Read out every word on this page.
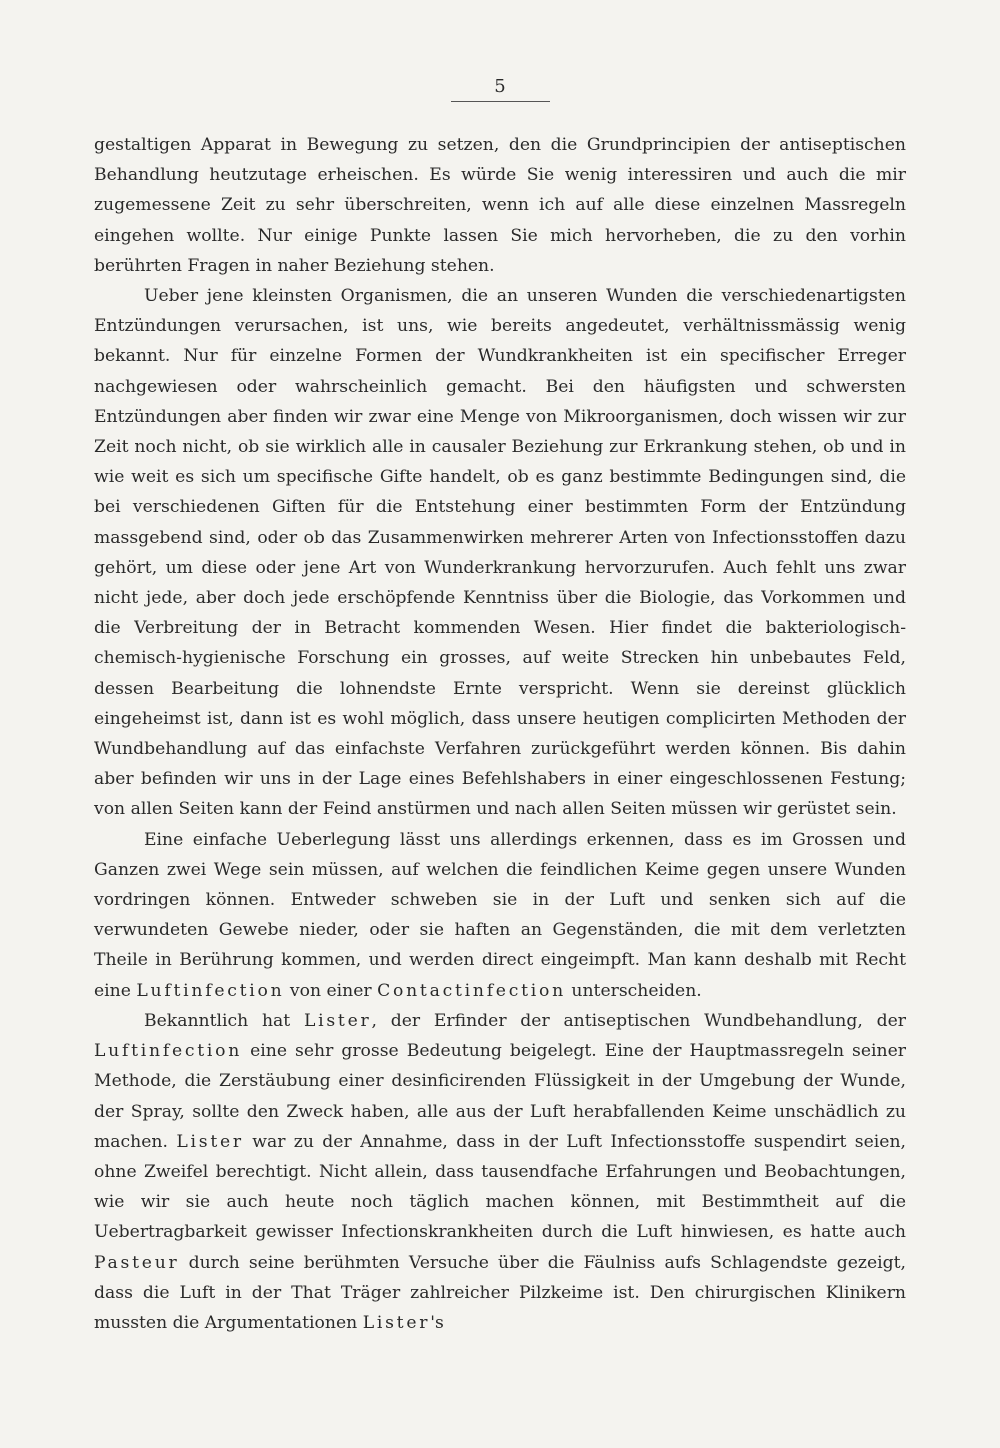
5

gestaltigen Apparat in Bewegung zu setzen, den die Grundprincipien der antiseptischen Behandlung heutzutage erheischen. Es würde Sie wenig interessiren und auch die mir zugemessene Zeit zu sehr überschreiten, wenn ich auf alle diese einzelnen Massregeln eingehen wollte. Nur einige Punkte lassen Sie mich hervorheben, die zu den vorhin berührten Fragen in naher Beziehung stehen.

Ueber jene kleinsten Organismen, die an unseren Wunden die verschiedenartigsten Entzündungen verursachen, ist uns, wie bereits angedeutet, verhältnissmässig wenig bekannt. Nur für einzelne Formen der Wundkrankheiten ist ein specifischer Erreger nachgewiesen oder wahrscheinlich gemacht. Bei den häufigsten und schwersten Entzündungen aber finden wir zwar eine Menge von Mikroorganismen, doch wissen wir zur Zeit noch nicht, ob sie wirklich alle in causaler Beziehung zur Erkrankung stehen, ob und in wie weit es sich um specifische Gifte handelt, ob es ganz bestimmte Bedingungen sind, die bei verschiedenen Giften für die Entstehung einer bestimmten Form der Entzündung massgebend sind, oder ob das Zusammenwirken mehrerer Arten von Infectionsstoffen dazu gehört, um diese oder jene Art von Wunderkrankung hervorzurufen. Auch fehlt uns zwar nicht jede, aber doch jede erschöpfende Kenntniss über die Biologie, das Vorkommen und die Verbreitung der in Betracht kommenden Wesen. Hier findet die bakteriologisch-chemisch-hygienische Forschung ein grosses, auf weite Strecken hin unbebautes Feld, dessen Bearbeitung die lohnendste Ernte verspricht. Wenn sie dereinst glücklich eingeheimst ist, dann ist es wohl möglich, dass unsere heutigen complicirten Methoden der Wundbehandlung auf das einfachste Verfahren zurückgeführt werden können. Bis dahin aber befinden wir uns in der Lage eines Befehlshabers in einer eingeschlossenen Festung; von allen Seiten kann der Feind anstürmen und nach allen Seiten müssen wir gerüstet sein.

Eine einfache Ueberlegung lässt uns allerdings erkennen, dass es im Grossen und Ganzen zwei Wege sein müssen, auf welchen die feindlichen Keime gegen unsere Wunden vordringen können. Entweder schweben sie in der Luft und senken sich auf die verwundeten Gewebe nieder, oder sie haften an Gegenständen, die mit dem verletzten Theile in Berührung kommen, und werden direct eingeimpft. Man kann deshalb mit Recht eine Luftinfection von einer Contactinfection unterscheiden.

Bekanntlich hat Lister, der Erfinder der antiseptischen Wundbehandlung, der Luftinfection eine sehr grosse Bedeutung beigelegt. Eine der Hauptmassregeln seiner Methode, die Zerstäubung einer desinficirenden Flüssigkeit in der Umgebung der Wunde, der Spray, sollte den Zweck haben, alle aus der Luft herabfallenden Keime unschädlich zu machen. Lister war zu der Annahme, dass in der Luft Infectionsstoffe suspendirt seien, ohne Zweifel berechtigt. Nicht allein, dass tausendfache Erfahrungen und Beobachtungen, wie wir sie auch heute noch täglich machen können, mit Bestimmtheit auf die Uebertragbarkeit gewisser Infectionskrankheiten durch die Luft hinwiesen, es hatte auch Pasteur durch seine berühmten Versuche über die Fäulniss aufs Schlagendste gezeigt, dass die Luft in der That Träger zahlreicher Pilzkeime ist. Den chirurgischen Klinikern mussten die Argumentationen Lister's
